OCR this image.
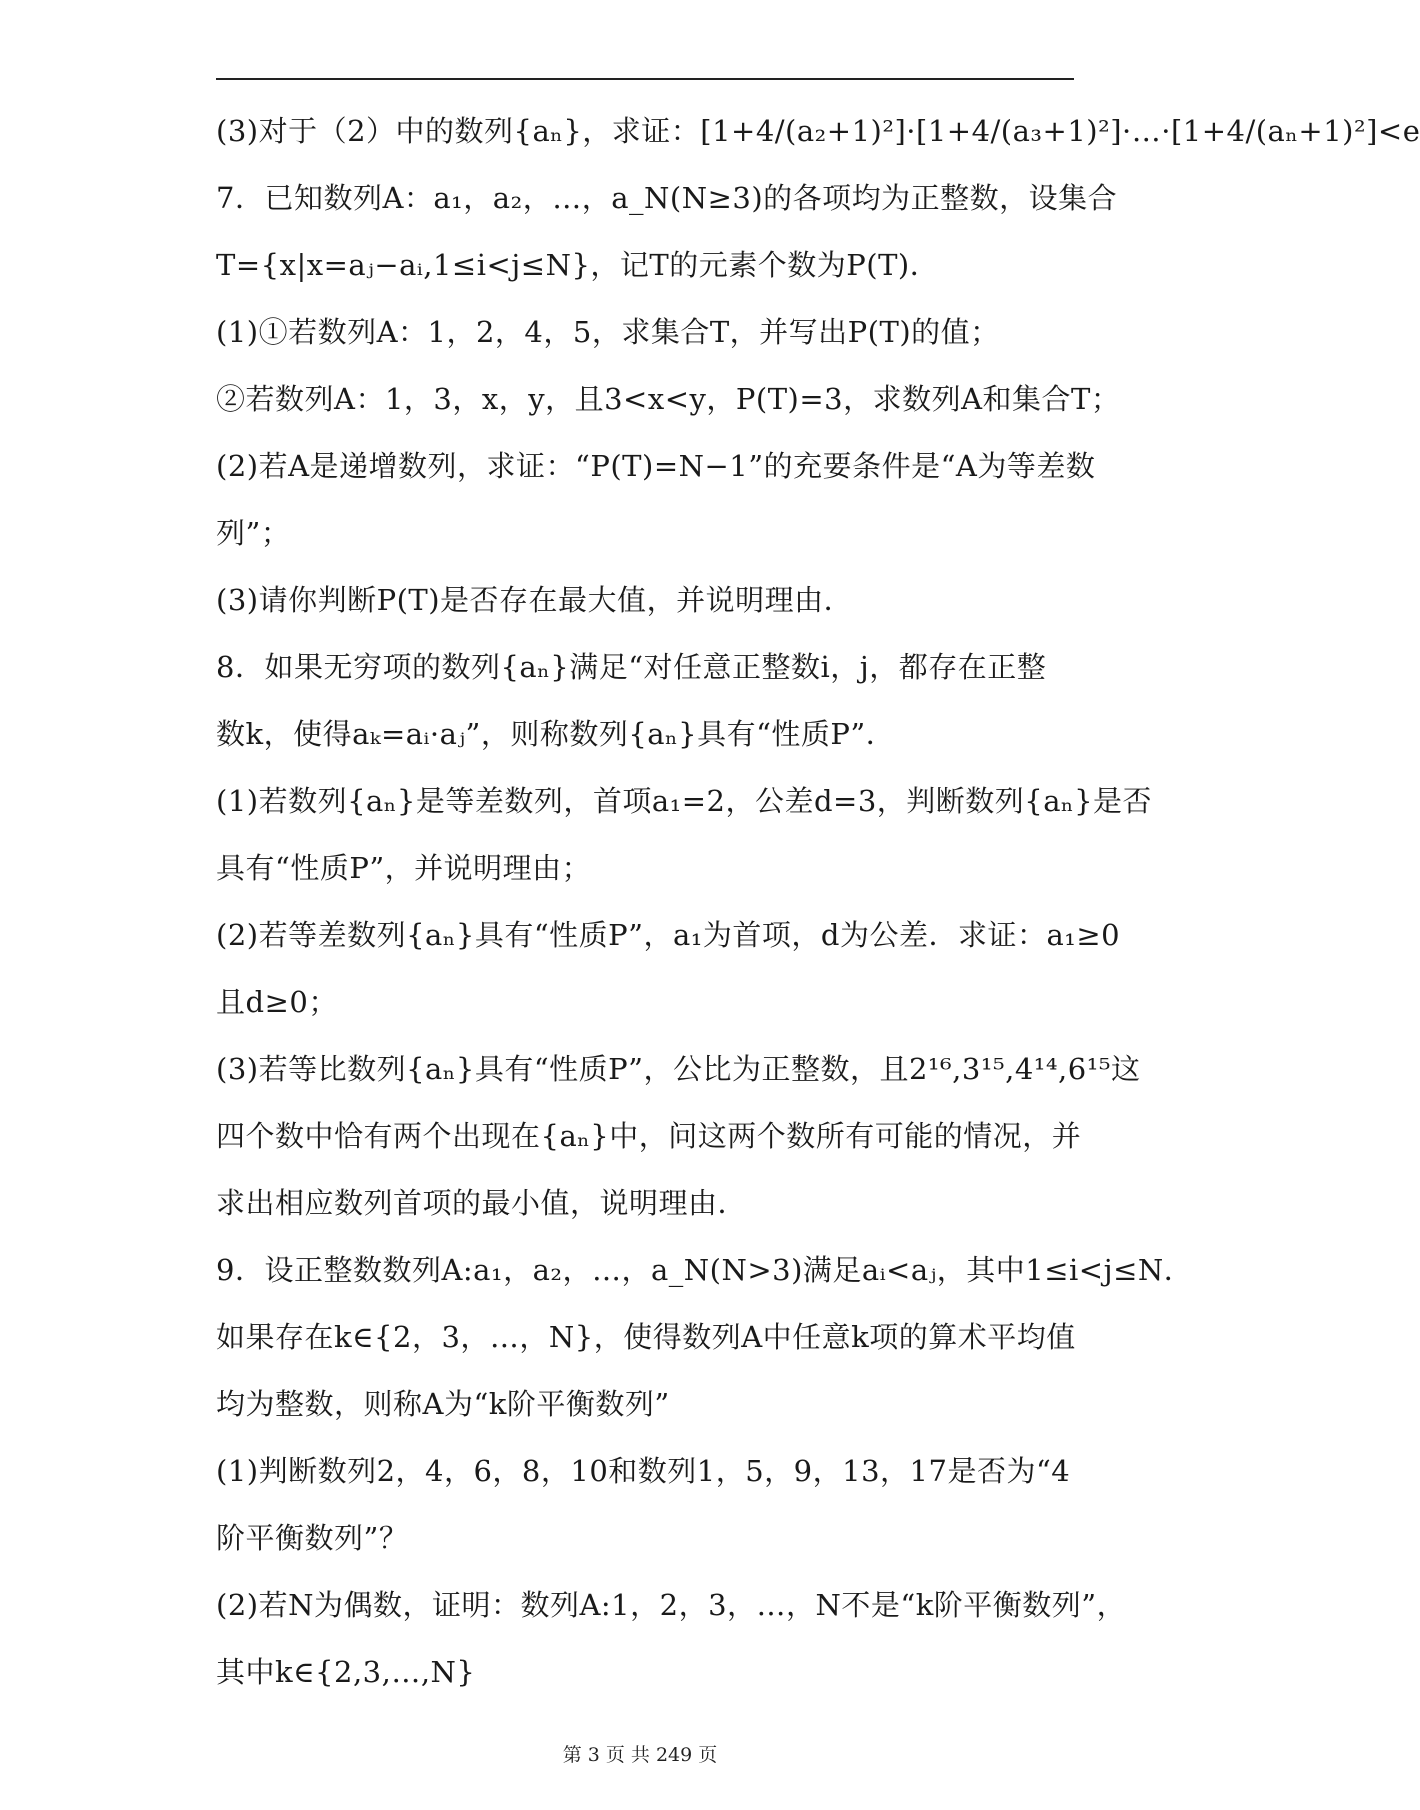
(3)对于（2）中的数列{aₙ}，求证：[1+4/(a₂+1)²]·[1+4/(a₃+1)²]·…·[1+4/(aₙ+1)²]<e
7．已知数列A：a₁，a₂，…，a_N(N≥3)的各项均为正整数，设集合
T={x|x=aⱼ−aᵢ,1≤i<j≤N}，记T的元素个数为P(T)．
(1)①若数列A：1，2，4，5，求集合T，并写出P(T)的值；
②若数列A：1，3，x，y，且3<x<y，P(T)=3，求数列A和集合T；
(2)若A是递增数列，求证：“P(T)=N−1”的充要条件是“A为等差数
列”；
(3)请你判断P(T)是否存在最大值，并说明理由．
8．如果无穷项的数列{aₙ}满足“对任意正整数i，j，都存在正整
数k，使得aₖ=aᵢ·aⱼ”，则称数列{aₙ}具有“性质P”．
(1)若数列{aₙ}是等差数列，首项a₁=2，公差d=3，判断数列{aₙ}是否
具有“性质P”，并说明理由；
(2)若等差数列{aₙ}具有“性质P”，a₁为首项，d为公差．求证：a₁≥0
且d≥0；
(3)若等比数列{aₙ}具有“性质P”，公比为正整数，且2¹⁶,3¹⁵,4¹⁴,6¹⁵这
四个数中恰有两个出现在{aₙ}中，问这两个数所有可能的情况，并
求出相应数列首项的最小值，说明理由．
9．设正整数数列A:a₁，a₂，…，a_N(N>3)满足aᵢ<aⱼ，其中1≤i<j≤N．
如果存在k∈{2，3，…，N}，使得数列A中任意k项的算术平均值
均为整数，则称A为“k阶平衡数列”
(1)判断数列2，4，6，8，10和数列1，5，9，13，17是否为“4
阶平衡数列”？
(2)若N为偶数，证明：数列A:1，2，3，…，N不是“k阶平衡数列”，
其中k∈{2,3,…,N}
第 3 页 共 249 页
